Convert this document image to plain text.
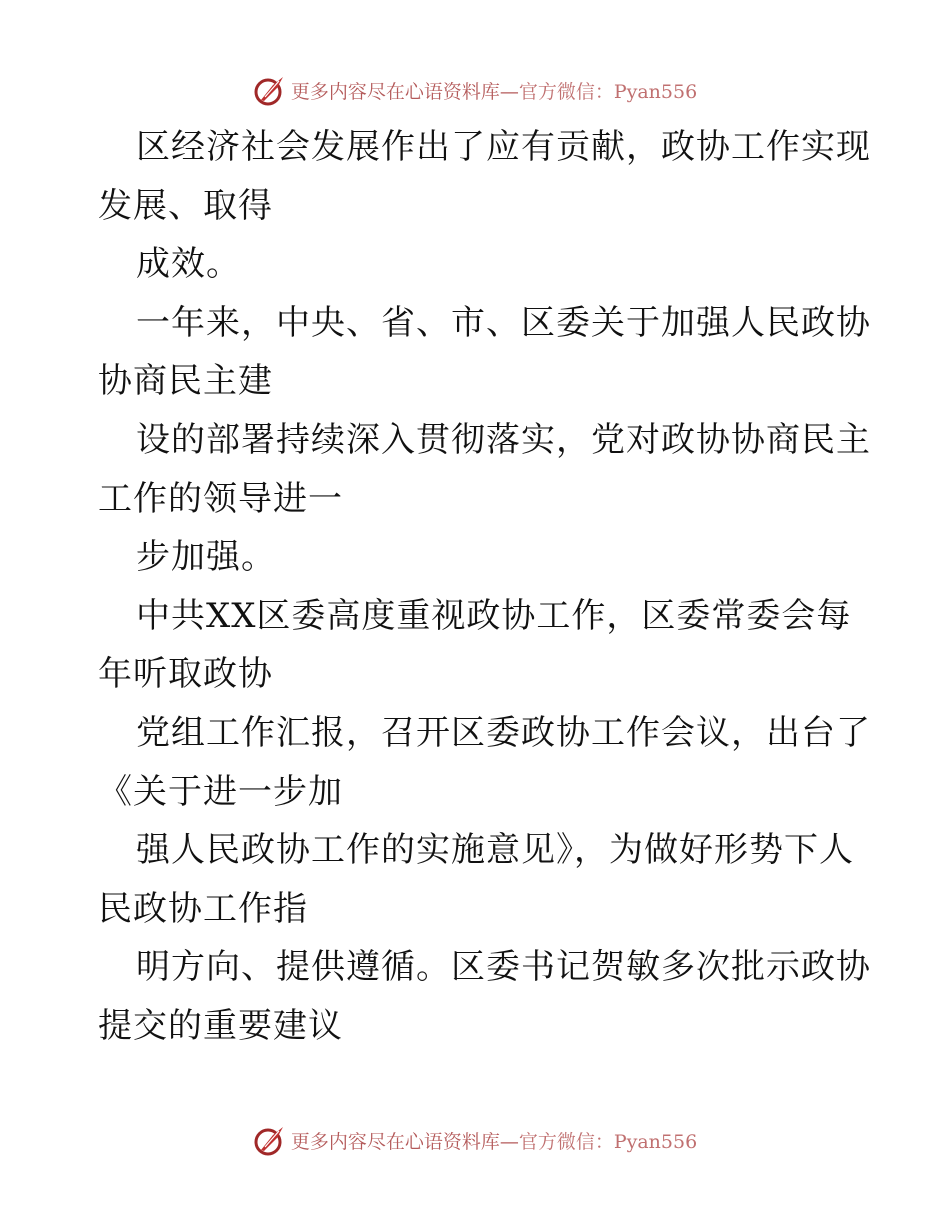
更多内容尽在心语资料库—官方微信：Pyan556
区经济社会发展作出了应有贡献，政协工作实现
发展、取得
成效。
一年来，中央、省、市、区委关于加强人民政协
协商民主建
设的部署持续深入贯彻落实，党对政协协商民主
工作的领导进一
步加强。
中共XX区委高度重视政协工作，区委常委会每
年听取政协
党组工作汇报，召开区委政协工作会议，出台了
《关于进一步加
强人民政协工作的实施意见》，为做好形势下人
民政协工作指
明方向、提供遵循。区委书记贺敏多次批示政协
提交的重要建议
更多内容尽在心语资料库—官方微信：Pyan556
